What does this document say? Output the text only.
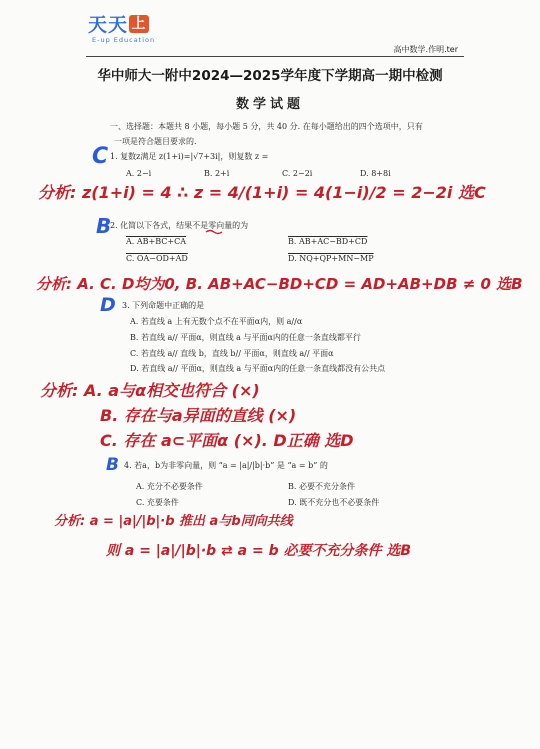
​
天天 上
E-up Education
高中数学.作明.ter
华中师大一附中2024—2025学年度下学期高一期中检测
数学试题
一、选择题：本题共 8 小题，每小题 5 分，共 40 分. 在每小题给出的四个选项中，只有
一项是符合题目要求的.
C 1. 复数z满足 z(1+i)=|√7+3i|，则复数 z =
A. 2−i	B. 2+i	C. 2−2i	D. 8+8i
分析: z(1+i) = 4 ∴ z = 4/(1+i) = 4(1−i)/2 = 2−2i 选C
B
2. 化简以下各式，结果不是零向量的为
A. AB+BC+CA	B. AB+AC−BD+CD
C. OA−OD+AD	D. NQ+QP+MN−MP
分析: A. C. D均为0, B. AB+AC−BD+CD = AD+AB+DB ≠ 0 选B
D 3. 下列命题中正确的是
A. 若直线 a 上有无数个点不在平面α内，则 a//α
B. 若直线 a// 平面α，则直线 a 与平面α内的任意一条直线都平行
C. 若直线 a// 直线 b，直线 b// 平面α，则直线 a// 平面α
D. 若直线 a// 平面α，则直线 a 与平面α内的任意一条直线都没有公共点
分析: A. a与α相交也符合 (×)
B. 存在与a异面的直线 (×)
C. 存在 a⊂平面α (×). D正确 选D
B 4. 若a，b为非零向量，则 “a = |a|/|b|·b” 是 “a = b” 的
A. 充分不必要条件	B. 必要不充分条件
C. 充要条件	D. 既不充分也不必要条件
分析: a = |a|/|b|·b 推出 a与b同向共线
则 a = |a|/|b|·b ⇄ a = b 必要不充分条件 选B
